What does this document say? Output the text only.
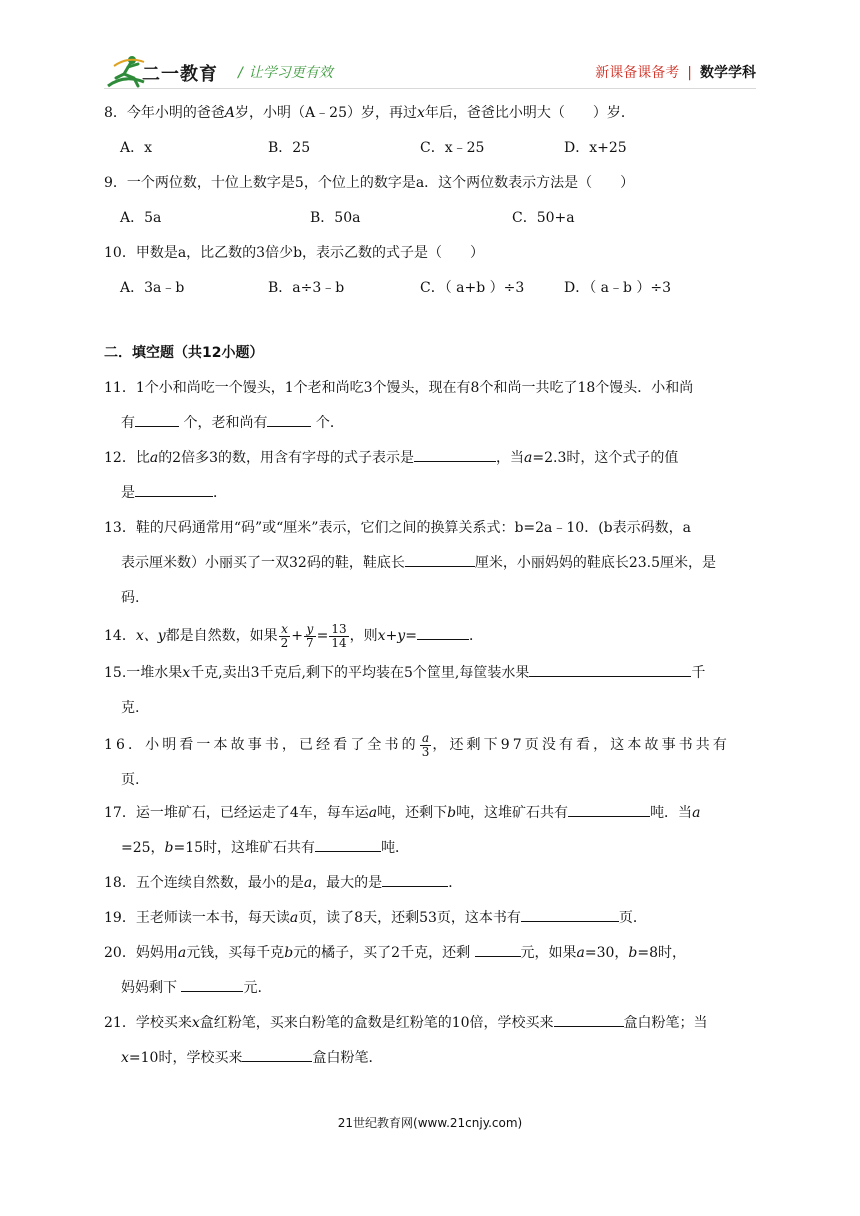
二一教育 / 让学习更有效	新课备课备考 | 数学学科
8．今年小明的爸爸A岁，小明（A﹣25）岁，再过x年后，爸爸比小明大（　　）岁．
A．x	B．25	C．x﹣25	D．x+25
9．一个两位数，十位上数字是5，个位上的数字是a．这个两位数表示方法是（　　）
A．5a	B．50a	C．50+a
10．甲数是a，比乙数的3倍少b，表示乙数的式子是（　　）
A．3a﹣b	B．a÷3﹣b	C．（ a+b ）÷3	D．（ a﹣b ）÷3
二．填空题（共12小题）
11．1个小和尚吃一个馒头，1个老和尚吃3个馒头，现在有8个和尚一共吃了18个馒头．小和尚
有	个，老和尚有	个．
12．比a的2倍多3的数，用含有字母的式子表示是	，当a=2.3时，这个式子的值
是	．
13．鞋的尺码通常用“码”或“厘米”表示，它们之间的换算关系式：b=2a﹣10．(b表示码数，a
表示厘米数）小丽买了一双32码的鞋，鞋底长	厘米，小丽妈妈的鞋底长23.5厘米，是
码.
14．x、y都是自然数，如果 $\frac{x}{2} + \frac{y}{7} = \frac{13}{14}$ ，则x+y=	．
15.一堆水果x千克,卖出3千克后,剩下的平均装在5个筐里,每筐装水果	千
克.
16．小明看一本故事书，已经看了全书的 $\frac{a}{3}$ ，还剩下97页没有看，这本故事书共有
页.
17．运一堆矿石，已经运走了4车，每车运a吨，还剩下b吨，这堆矿石共有	吨．当a
=25，b=15时，这堆矿石共有	吨．
18．五个连续自然数，最小的是a，最大的是	．
19．王老师读一本书，每天读a页，读了8天，还剩53页，这本书有	页．
20．妈妈用a元钱，买每千克b元的橘子，买了2千克，还剩	元，如果a=30，b=8时，
妈妈剩下	元.
21．学校买来x盒红粉笔，买来白粉笔的盒数是红粉笔的10倍，学校买来	盒白粉笔；当
x=10时，学校买来	盒白粉笔．
21世纪教育网(www.21cnjy.com)
